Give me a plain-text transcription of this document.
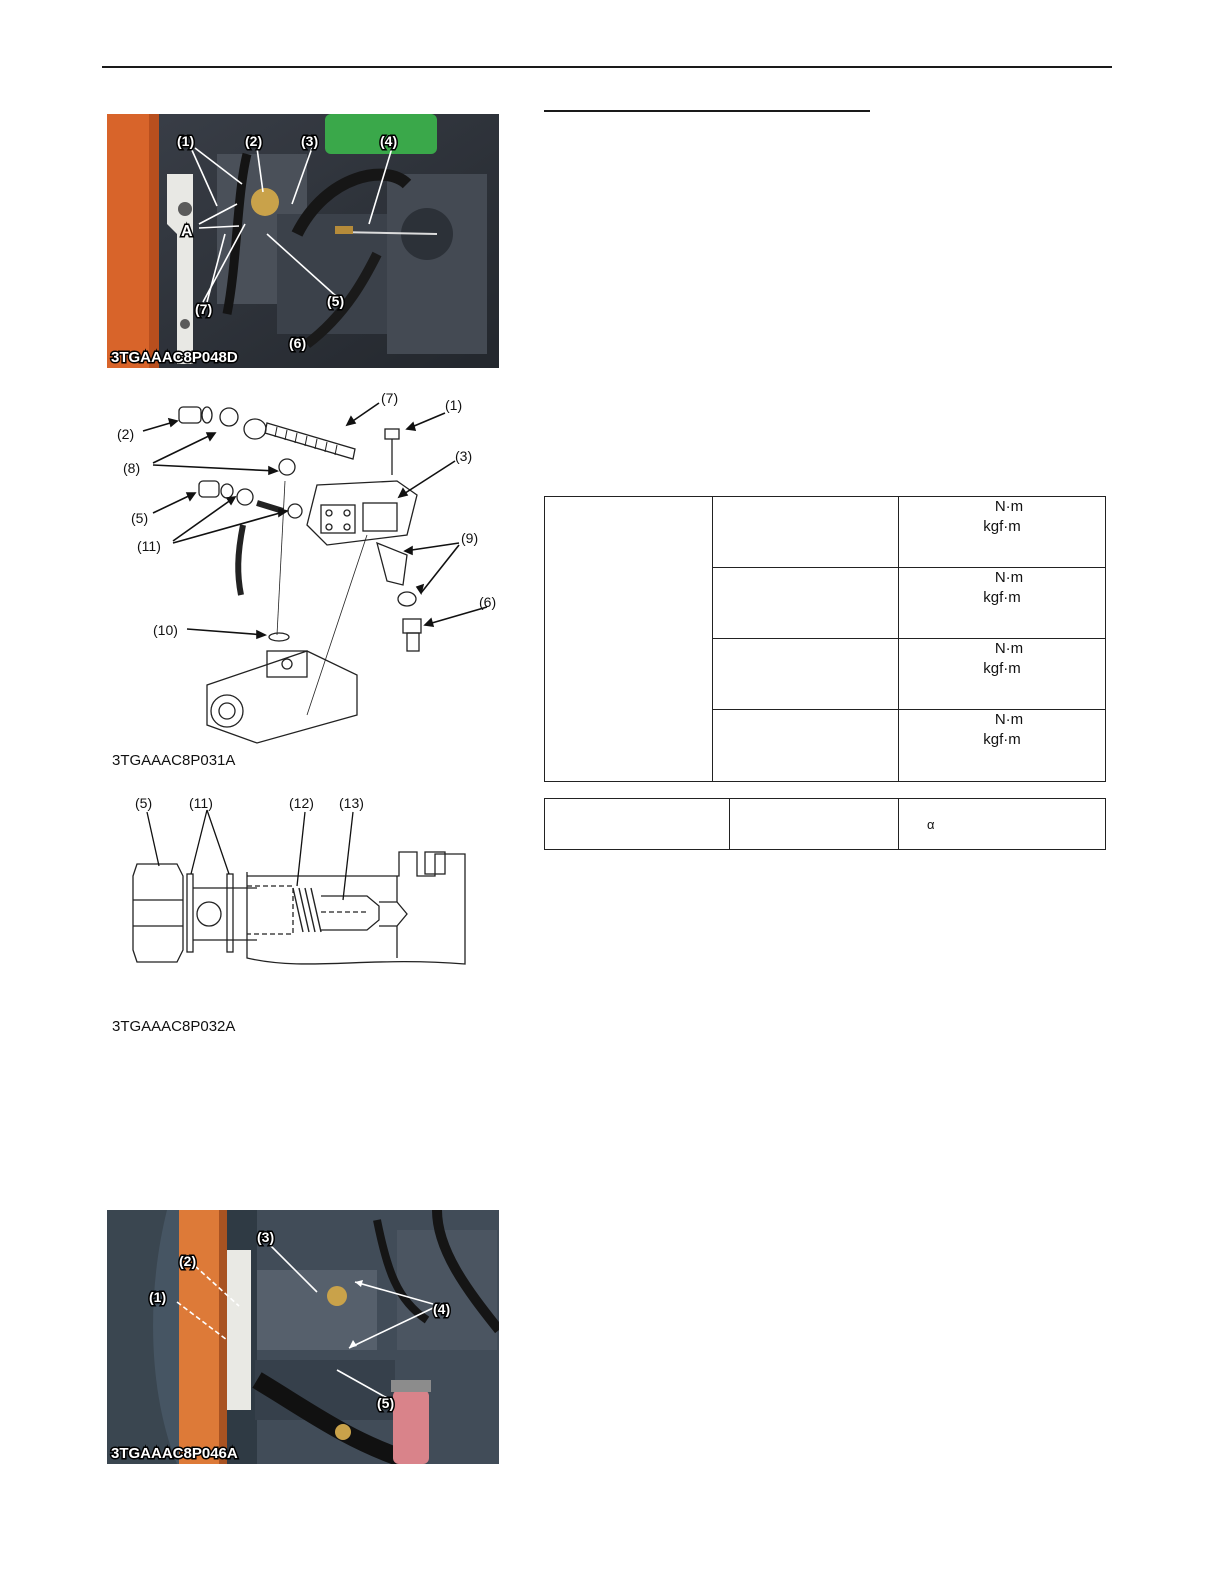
(1)	(2)	(3)	(4)
(5)
(6)
(7)
A
3TGAAAC8P048D
(7)	(1)
(2)
(3)
(8)
(5)
(11)	(9)
(6)
(10)
3TGAAAC8P031A
(5)	(11)	(12) (13)
3TGAAAC8P032A
(3)
(2)
(1)
(4)
(5)
3TGAAAC8P046A

		N·m
kgf·m

		N·m
kgf·m

		N·m
kgf·m

		N·m
kgf·m
		α
